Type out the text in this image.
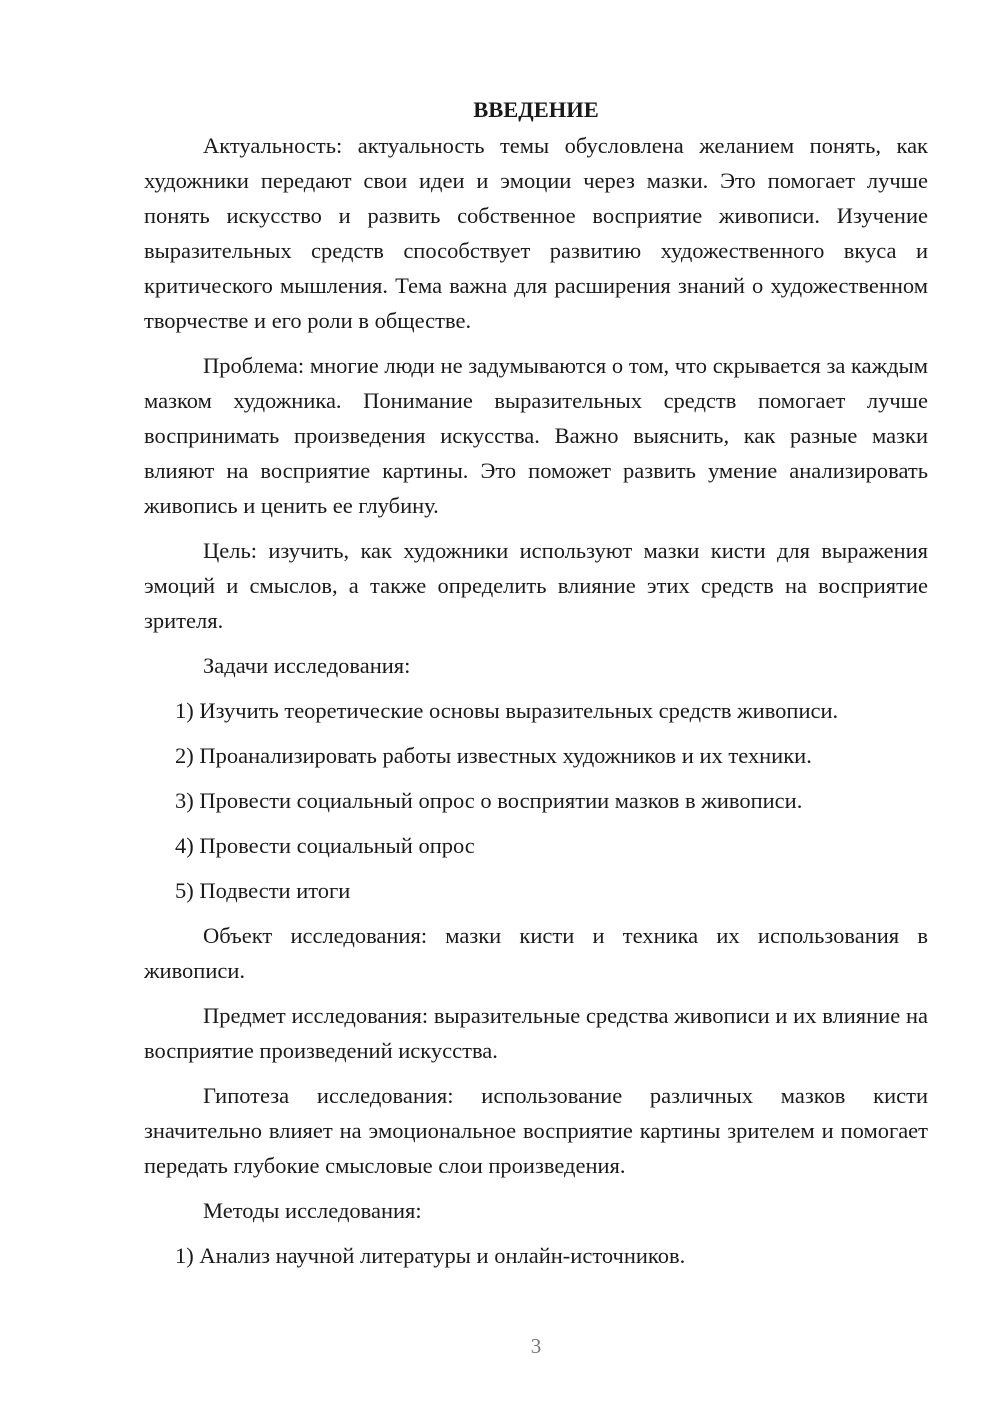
ВВЕДЕНИЕ

Актуальность: актуальность темы обусловлена желанием понять, как художники передают свои идеи и эмоции через мазки. Это помогает лучше понять искусство и развить собственное восприятие живописи. Изучение выразительных средств способствует развитию художественного вкуса и критического мышления. Тема важна для расширения знаний о художественном творчестве и его роли в обществе.

Проблема: многие люди не задумываются о том, что скрывается за каждым мазком художника. Понимание выразительных средств помогает лучше воспринимать произведения искусства. Важно выяснить, как разные мазки влияют на восприятие картины. Это поможет развить умение анализировать живопись и ценить ее глубину.

Цель: изучить, как художники используют мазки кисти для выражения эмоций и смыслов, а также определить влияние этих средств на восприятие зрителя.

Задачи исследования:

1) Изучить теоретические основы выразительных средств живописи.

2) Проанализировать работы известных художников и их техники.

3) Провести социальный опрос о восприятии мазков в живописи.

4) Провести социальный опрос

5) Подвести итоги

Объект исследования: мазки кисти и техника их использования в живописи.

Предмет исследования: выразительные средства живописи и их влияние на восприятие произведений искусства.

Гипотеза исследования: использование различных мазков кисти значительно влияет на эмоциональное восприятие картины зрителем и помогает передать глубокие смысловые слои произведения.

Методы исследования:

1) Анализ научной литературы и онлайн-источников.

3
